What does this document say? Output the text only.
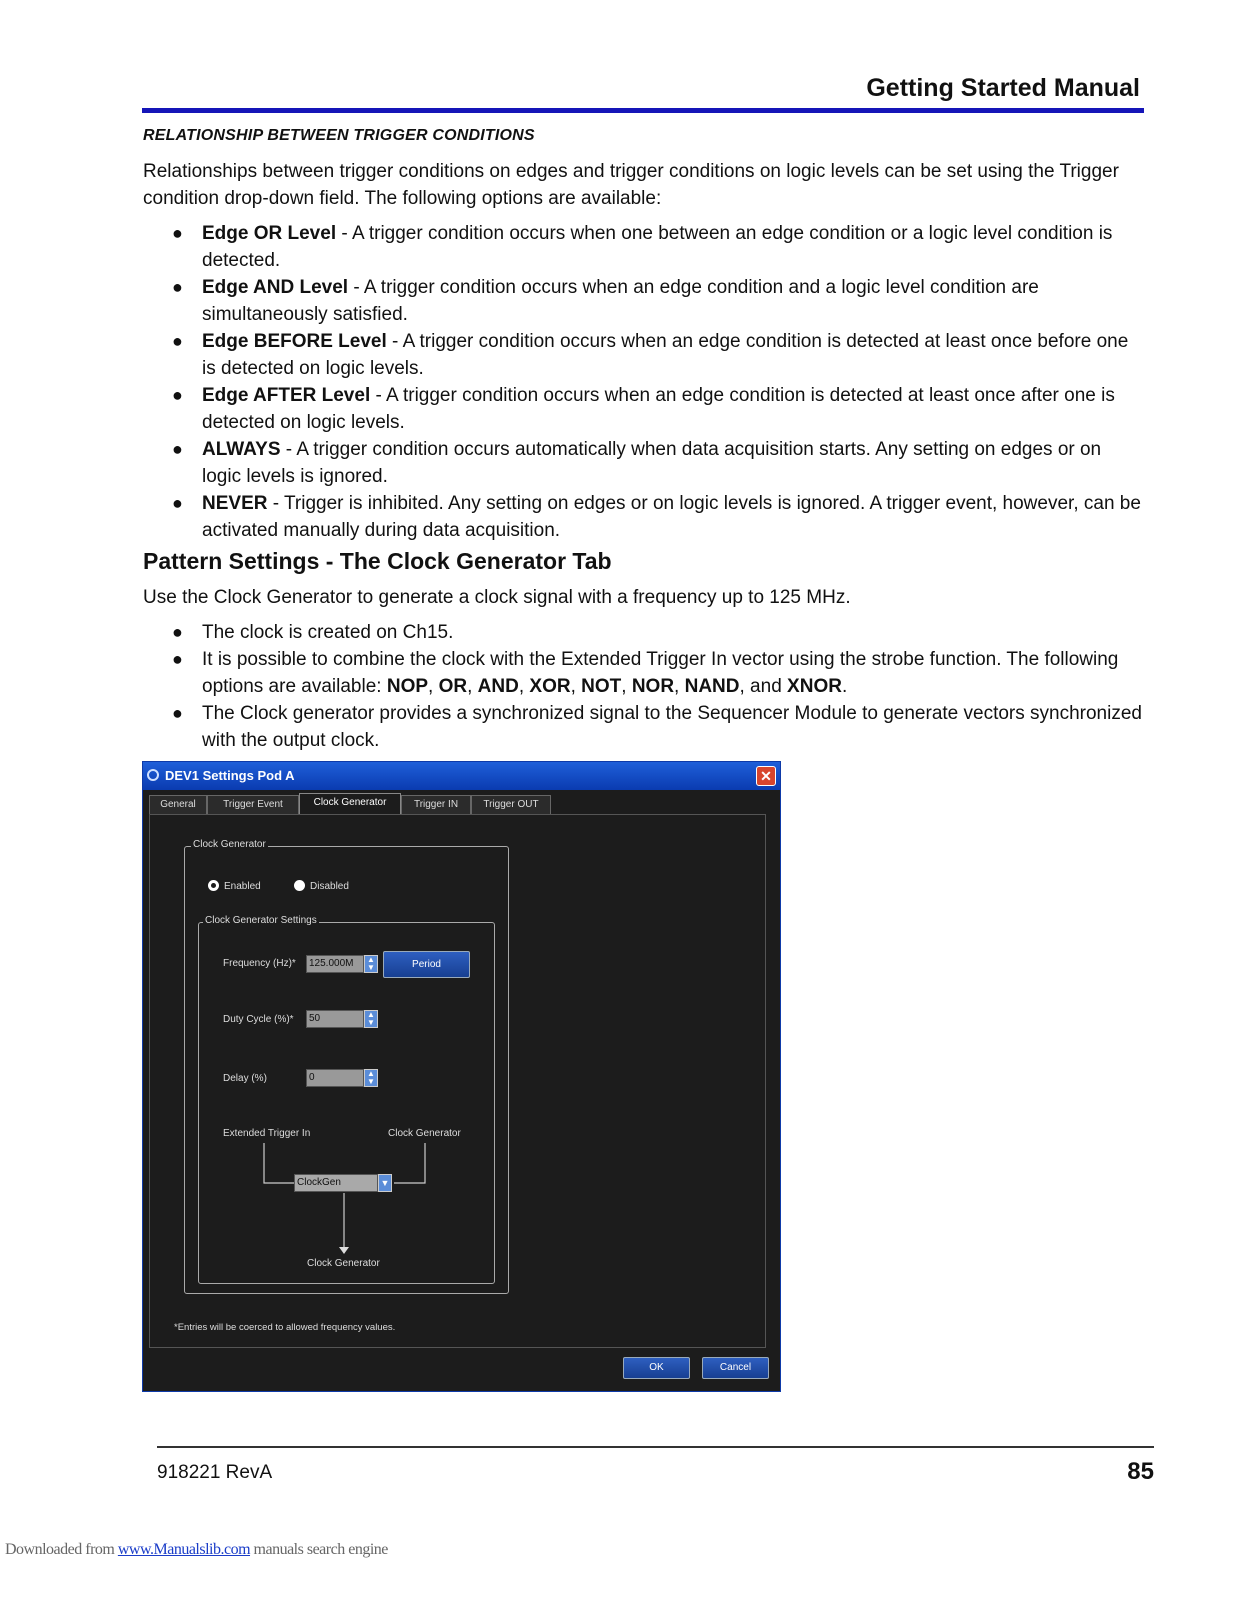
Getting Started Manual
RELATIONSHIP BETWEEN TRIGGER CONDITIONS
Relationships between trigger conditions on edges and trigger conditions on logic levels can be set using the Trigger condition drop-down field. The following options are available:
● Edge OR Level - A trigger condition occurs when one between an edge condition or a logic level condition is detected.
● Edge AND Level - A trigger condition occurs when an edge condition and a logic level condition are simultaneously satisfied.
● Edge BEFORE Level - A trigger condition occurs when an edge condition is detected at least once before one is detected on logic levels.
● Edge AFTER Level - A trigger condition occurs when an edge condition is detected at least once after one is detected on logic levels.
● ALWAYS - A trigger condition occurs automatically when data acquisition starts. Any setting on edges or on logic levels is ignored.
● NEVER - Trigger is inhibited. Any setting on edges or on logic levels is ignored. A trigger event, however, can be activated manually during data acquisition.
Pattern Settings - The Clock Generator Tab
Use the Clock Generator to generate a clock signal with a frequency up to 125 MHz.
● The clock is created on Ch15.
● It is possible to combine the clock with the Extended Trigger In vector using the strobe function. The following options are available: NOP, OR, AND, XOR, NOT, NOR, NAND, and XNOR.
● The Clock generator provides a synchronized signal to the Sequencer Module to generate vectors synchronized with the output clock.
DEV1 Settings Pod A	✕
General	Trigger Event	Clock Generator	Trigger IN	Trigger OUT
Clock Generator
Enabled	Disabled
Clock Generator Settings
Frequency (Hz)*	125.000M	▲
▼	Period
Duty Cycle (%)*	50	▲
▼
Delay (%)	0	▲
▼
Extended Trigger In	Clock Generator
ClockGen	▼
Clock Generator
*Entries will be coerced to allowed frequency values.
OK	Cancel
918221 RevA	85
Downloaded from www.Manualslib.com manuals search engine
